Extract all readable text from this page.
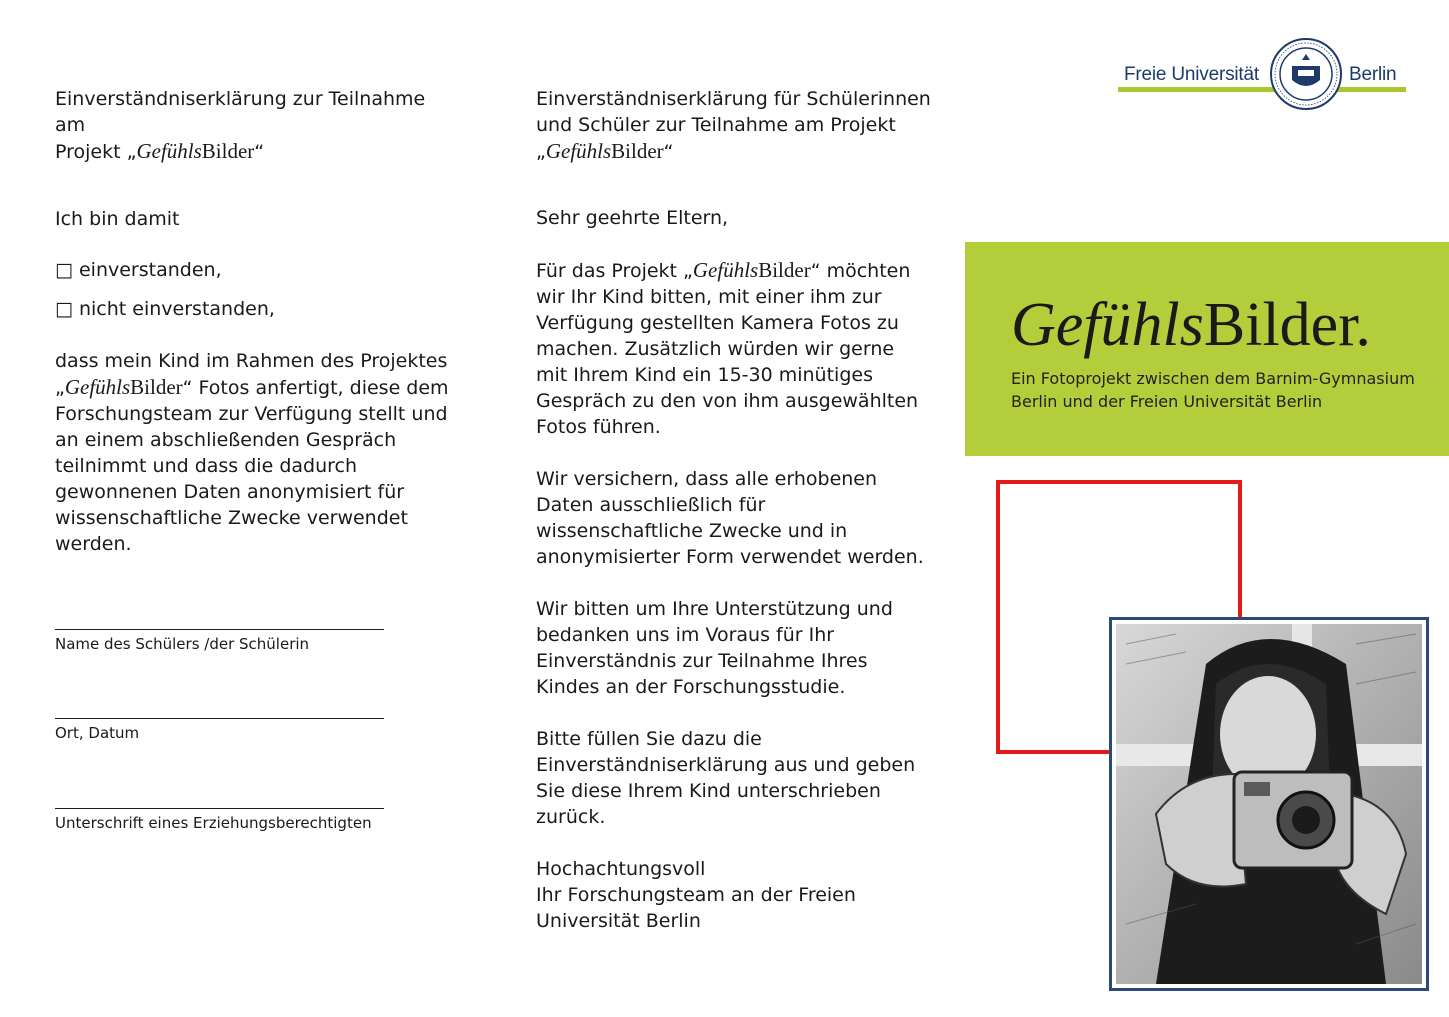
Einverständniserklärung zur Teilnahme am
Projekt „GefühlsBilder“

Ich bin damit

□ einverstanden,

□ nicht einverstanden,

dass mein Kind im Rahmen des Projektes
„GefühlsBilder“ Fotos anfertigt, diese dem Forschungsteam zur Verfügung stellt und an einem abschließenden Gespräch teilnimmt und dass die dadurch gewonnenen Daten anonymisiert für wissenschaftliche Zwecke verwendet werden.

Name des Schülers /der Schülerin
Ort, Datum
Unterschrift eines Erziehungsberechtigten

Einverständniserklärung für Schülerinnen
und Schüler zur Teilnahme am Projekt
„GefühlsBilder“

Sehr geehrte Eltern,

Für das Projekt „GefühlsBilder“ möchten wir Ihr Kind bitten, mit einer ihm zur Verfügung gestellten Kamera Fotos zu machen. Zusätzlich würden wir gerne mit Ihrem Kind ein 15-30 minütiges Gespräch zu den von ihm ausgewählten Fotos führen.

Wir versichern, dass alle erhobenen Daten ausschließlich für wissenschaftliche Zwecke und in anonymisierter Form verwendet werden.

Wir bitten um Ihre Unterstützung und bedanken uns im Voraus für Ihr Einverständnis zur Teilnahme Ihres Kindes an der Forschungsstudie.

Bitte füllen Sie dazu die Einverständniserklärung aus und geben Sie diese Ihrem Kind unterschrieben zurück.

Hochachtungsvoll
Ihr Forschungsteam an der Freien Universität Berlin

Freie Universität	Berlin
GefühlsBilder.
Ein Fotoprojekt zwischen dem Barnim-Gymnasium Berlin und der Freien Universität Berlin
